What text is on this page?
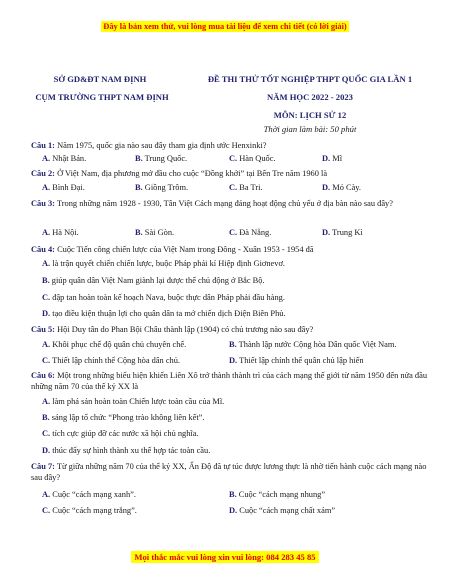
Đây là bản xem thử, vui lòng mua tài liệu để xem chi tiết (có lời giải)
SỞ GD&ĐT NAM ĐỊNH
CỤM TRƯỜNG THPT NAM ĐỊNH
ĐỀ THI THỬ TỐT NGHIỆP THPT QUỐC GIA LẦN 1
NĂM HỌC 2022 - 2023
MÔN: LỊCH SỬ 12
Thời gian làm bài: 50 phút
Câu 1: Năm 1975, quốc gia nào sau đây tham gia định ước Henxinki?
A. Nhật Bản.	B. Trung Quốc.	C. Hàn Quốc.	D. Mĩ
Câu 2: Ở Việt Nam, địa phương mở đầu cho cuộc “Đồng khởi” tại Bến Tre năm 1960 là
A. Bình Đại.	B. Giồng Trôm.	C. Ba Tri.	D. Mỏ Cày.
Câu 3: Trong những năm 1928 - 1930, Tân Việt Cách mạng đảng hoạt động chủ yếu ở địa bàn nào sau đây?
A. Hà Nội.	B. Sài Gòn.	C. Đà Nẵng.	D. Trung Kì
Câu 4: Cuộc Tiến công chiến lược của Việt Nam trong Đông - Xuân 1953 - 1954 đã
A. là trận quyết chiến chiến lược, buộc Pháp phải kí Hiệp định Giơnevơ.
B. giúp quân dân Việt Nam giành lại được thế chủ động ở Bắc Bộ.
C. đập tan hoàn toàn kế hoạch Nava, buộc thực dân Pháp phải đầu hàng.
D. tạo điều kiện thuận lợi cho quân dân ta mở chiến dịch Điện Biên Phủ.
Câu 5: Hội Duy tân do Phan Bội Châu thành lập (1904) có chủ trương nào sau đây?
A. Khôi phục chế độ quân chủ chuyên chế.	B. Thành lập nước Cộng hòa Dân quốc Việt Nam.
C. Thiết lập chính thể Cộng hòa dân chủ.	D. Thiết lập chính thể quân chủ lập hiến
Câu 6: Một trong những biểu hiện khiến Liên Xô trở thành thành trì của cách mạng thế giới từ năm 1950 đến nửa đầu những năm 70 của thế kỷ XX là
A. làm phá sản hoàn toàn Chiến lược toàn cầu của Mĩ.
B. sáng lập tổ chức “Phong trào không liên kết”.
C. tích cực giúp đỡ các nước xã hội chủ nghĩa.
D. thúc đẩy sự hình thành xu thế hợp tác toàn cầu.
Câu 7: Từ giữa những năm 70 của thế kỷ XX, Ấn Độ đã tự túc được lương thực là nhờ tiến hành cuộc cách mạng nào sau đây?
A. Cuộc “cách mạng xanh”.	B. Cuộc “cách mạng nhung”
C. Cuộc “cách mạng trắng”.	D. Cuộc “cách mạng chất xám”
Mọi thắc mắc vui lòng xin vui lòng: 084 283 45 85
